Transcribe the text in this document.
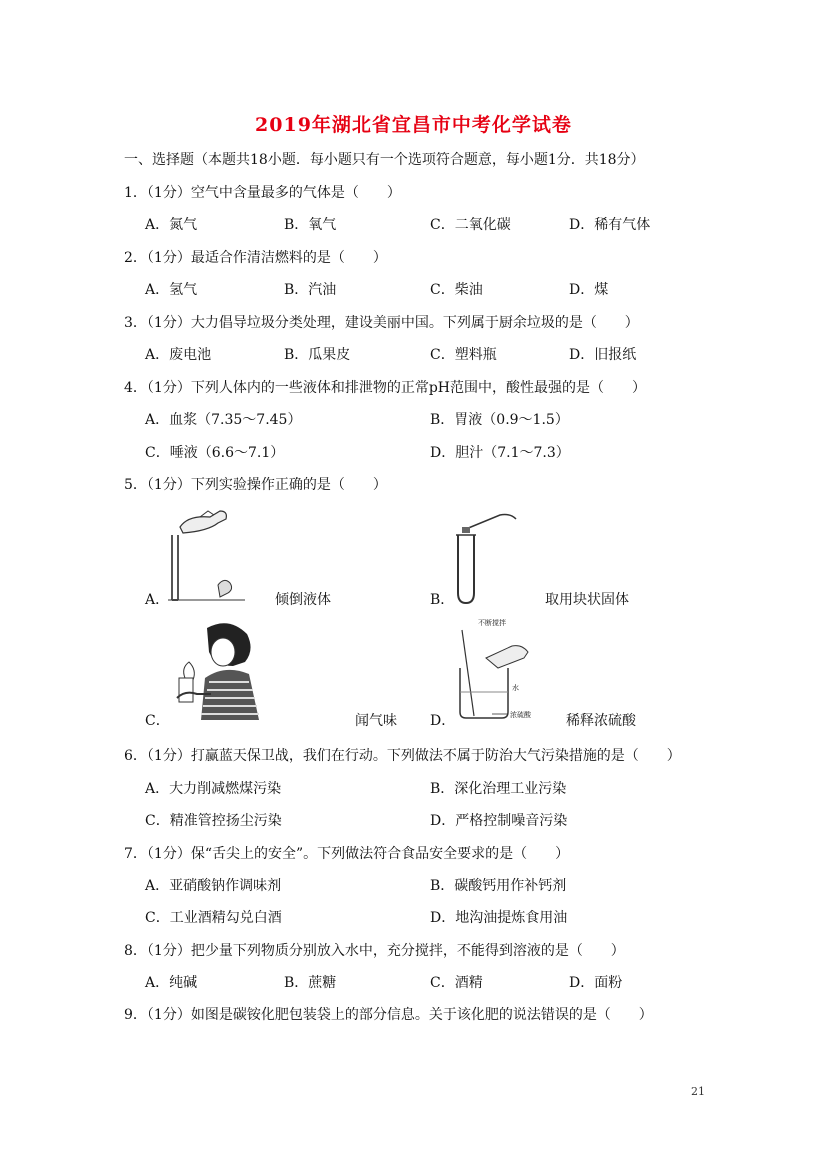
2019年湖北省宜昌市中考化学试卷
一、选择题（本题共18小题．每小题只有一个选项符合题意，每小题1分．共18分）
1．（1分）空气中含量最多的气体是（　　）
A．氮气	B．氧气	C．二氧化碳	D．稀有气体
2．（1分）最适合作清洁燃料的是（　　）
A．氢气	B．汽油	C．柴油	D．煤
3．（1分）大力倡导垃圾分类处理，建设美丽中国。下列属于厨余垃圾的是（　　）
A．废电池	B．瓜果皮	C．塑料瓶	D．旧报纸
4．（1分）下列人体内的一些液体和排泄物的正常pH范围中，酸性最强的是（　　）
A．血浆（7.35～7.45）	B．胃液（0.9～1.5）
C．唾液（6.6～7.1）	D．胆汁（7.1～7.3）
5．（1分）下列实验操作正确的是（　　）
A．	倾倒液体	B．	取用块状固体
C．	闻气味
不断搅拌
水
浓硫酸
D．	稀释浓硫酸
6．（1分）打赢蓝天保卫战，我们在行动。下列做法不属于防治大气污染措施的是（　　）
A．大力削减燃煤污染	B．深化治理工业污染
C．精准管控扬尘污染	D．严格控制噪音污染
7．（1分）保“舌尖上的安全”。下列做法符合食品安全要求的是（　　）
A．亚硝酸钠作调味剂	B．碳酸钙用作补钙剂
C．工业酒精勾兑白酒	D．地沟油提炼食用油
8．（1分）把少量下列物质分别放入水中，充分搅拌，不能得到溶液的是（　　）
A．纯碱	B．蔗糖	C．酒精	D．面粉
9．（1分）如图是碳铵化肥包装袋上的部分信息。关于该化肥的说法错误的是（　　）
21
